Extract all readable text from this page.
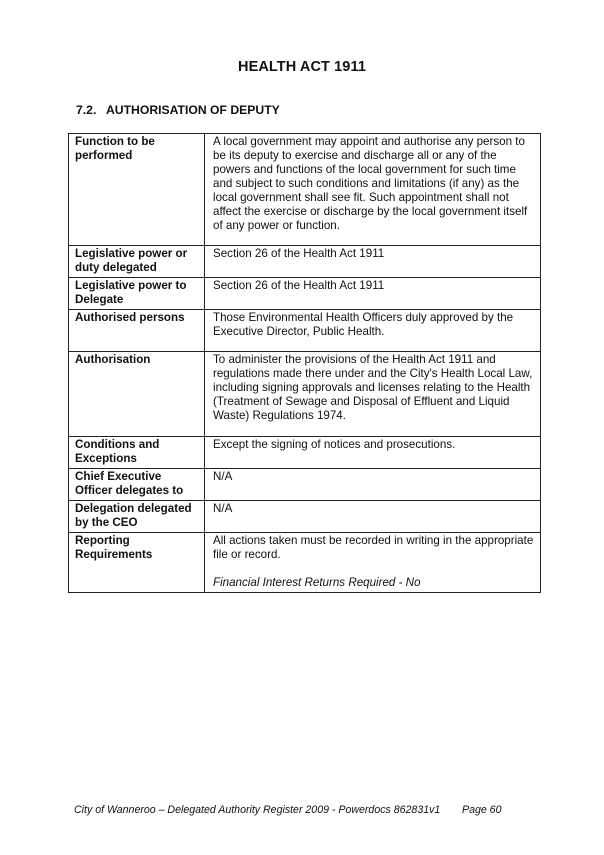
HEALTH ACT 1911
7.2. AUTHORISATION OF DEPUTY
Function to be performed	A local government may appoint and authorise any person to be its deputy to exercise and discharge all or any of the powers and functions of the local government for such time and subject to such conditions and limitations (if any) as the local government shall see fit. Such appointment shall not affect the exercise or discharge by the local government itself of any power or function.
Legislative power or duty delegated	Section 26 of the Health Act 1911
Legislative power to Delegate	Section 26 of the Health Act 1911
Authorised persons	Those Environmental Health Officers duly approved by the Executive Director, Public Health.
Authorisation	To administer the provisions of the Health Act 1911 and regulations made there under and the City's Health Local Law, including signing approvals and licenses relating to the Health (Treatment of Sewage and Disposal of Effluent and Liquid Waste) Regulations 1974.
Conditions and Exceptions	Except the signing of notices and prosecutions.
Chief Executive Officer delegates to	N/A
Delegation delegated by the CEO	N/A
Reporting Requirements	All actions taken must be recorded in writing in the appropriate file or record.
Financial Interest Returns Required - No
City of Wanneroo – Delegated Authority Register 2009 - Powerdocs 862831v1 Page 60
